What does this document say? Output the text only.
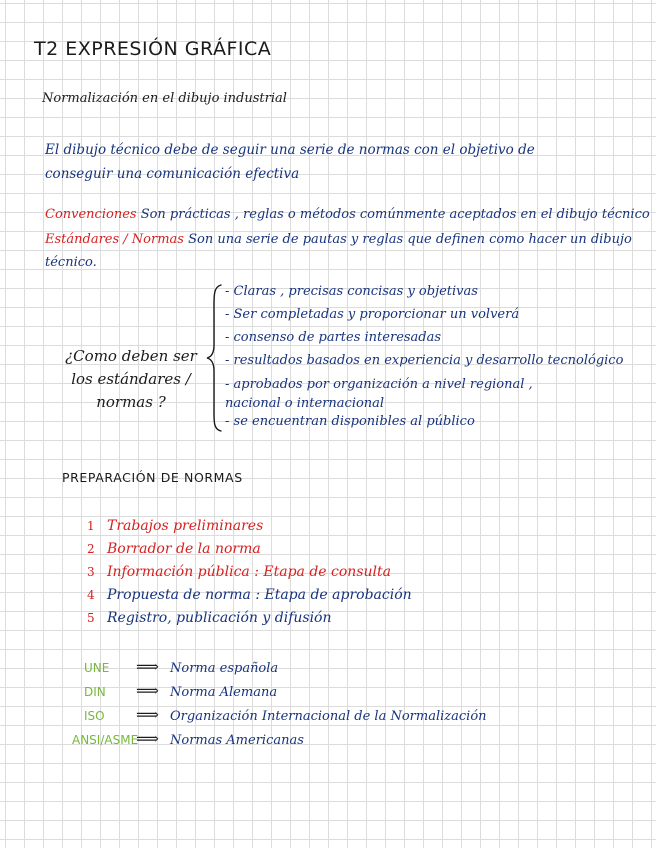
T2 EXPRESIÓN GRÁFICA
Normalización en el dibujo industrial
El dibujo técnico debe de seguir una serie de normas con el objetivo de conseguir una comunicación efectiva
Convenciones Son prácticas , reglas o métodos comúnmente aceptados en el dibujo técnico
Estándares / Normas Son una serie de pautas y reglas que definen como hacer un dibujo
técnico.
¿Como deben ser los estándares / normas ?
- Claras , precisas concisas y objetivas
- Ser completadas y proporcionar un volverá
- consenso de partes interesadas
- resultados basados en experiencia y desarrollo tecnológico
- aprobados por organización a nivel regional , nacional o internacional
- se encuentran disponibles al público
PREPARACIÓN DE NORMAS
1 Trabajos preliminares
2 Borrador de la norma
3 Información pública : Etapa de consulta
4 Propuesta de norma : Etapa de aprobación
5 Registro, publicación y difusión
UNE ⟹ Norma española
DIN ⟹ Norma Alemana
ISO ⟹ Organización Internacional de la Normalización
ANSI/ASME⟹ Normas Americanas
